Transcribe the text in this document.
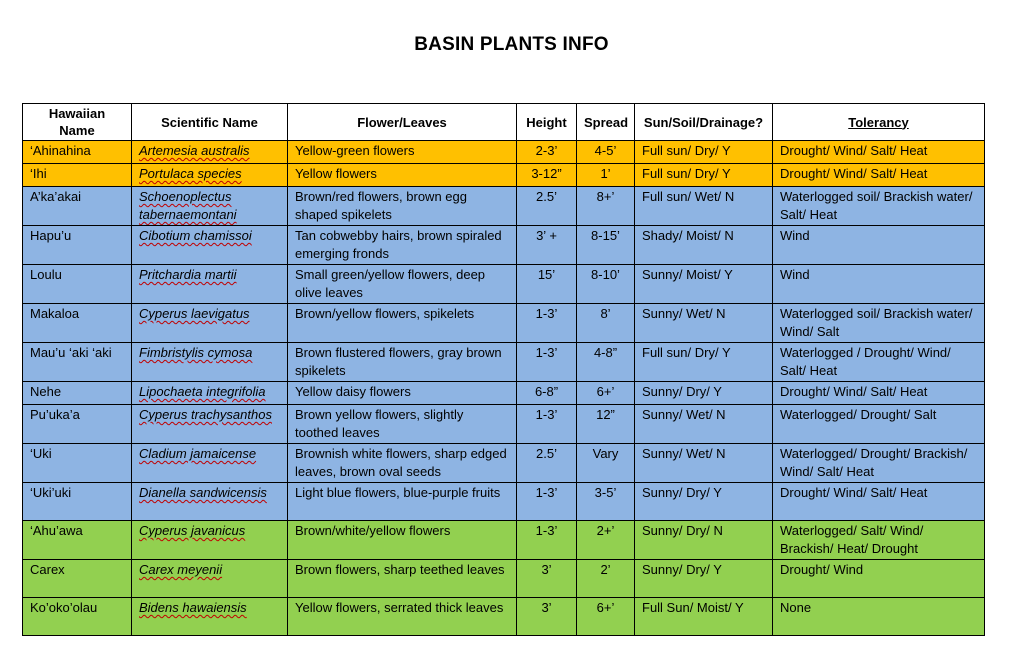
BASIN PLANTS INFO
Hawaiian Name	Scientific Name	Flower/Leaves	Height	Spread	Sun/Soil/Drainage?	Tolerancy
‘Ahinahina	Artemesia australis	Yellow-green flowers	2-3’	4-5’	Full sun/ Dry/ Y	Drought/ Wind/ Salt/ Heat
‘Ihi	Portulaca species	Yellow flowers	3-12”	1’	Full sun/ Dry/ Y	Drought/ Wind/ Salt/ Heat
A’ka’akai	Schoenoplectus tabernaemontani	Brown/red flowers, brown egg shaped spikelets	2.5’	8+’	Full sun/ Wet/ N	Waterlogged soil/ Brackish water/ Salt/ Heat
Hapu’u	Cibotium chamissoi	Tan cobwebby hairs, brown spiraled emerging fronds	3’ +	8-15’	Shady/ Moist/ N	Wind
Loulu	Pritchardia martii	Small green/yellow flowers, deep olive leaves	15’	8-10’	Sunny/ Moist/ Y	Wind
Makaloa	Cyperus laevigatus	Brown/yellow flowers, spikelets	1-3’	8’	Sunny/ Wet/ N	Waterlogged soil/ Brackish water/ Wind/ Salt
Mau’u ‘aki ‘aki	Fimbristylis cymosa	Brown flustered flowers, gray brown spikelets	1-3’	4-8”	Full sun/ Dry/ Y	Waterlogged / Drought/ Wind/ Salt/ Heat
Nehe	Lipochaeta integrifolia	Yellow daisy flowers	6-8”	6+’	Sunny/ Dry/ Y	Drought/ Wind/ Salt/ Heat
Pu’uka’a	Cyperus trachysanthos	Brown yellow flowers, slightly toothed leaves	1-3’	12”	Sunny/ Wet/ N	Waterlogged/ Drought/ Salt
‘Uki	Cladium jamaicense	Brownish white flowers, sharp edged leaves, brown oval seeds	2.5’	Vary	Sunny/ Wet/ N	Waterlogged/ Drought/ Brackish/ Wind/ Salt/ Heat
‘Uki’uki	Dianella sandwicensis	Light blue flowers, blue-purple fruits	1-3’	3-5’	Sunny/ Dry/ Y	Drought/ Wind/ Salt/ Heat
‘Ahu’awa	Cyperus javanicus	Brown/white/yellow flowers	1-3’	2+’	Sunny/ Dry/ N	Waterlogged/ Salt/ Wind/ Brackish/ Heat/ Drought
Carex	Carex meyenii	Brown flowers, sharp teethed leaves	3’	2’	Sunny/ Dry/ Y	Drought/ Wind
Ko’oko’olau	Bidens hawaiensis	Yellow flowers, serrated thick leaves	3’	6+’	Full Sun/ Moist/ Y	None
